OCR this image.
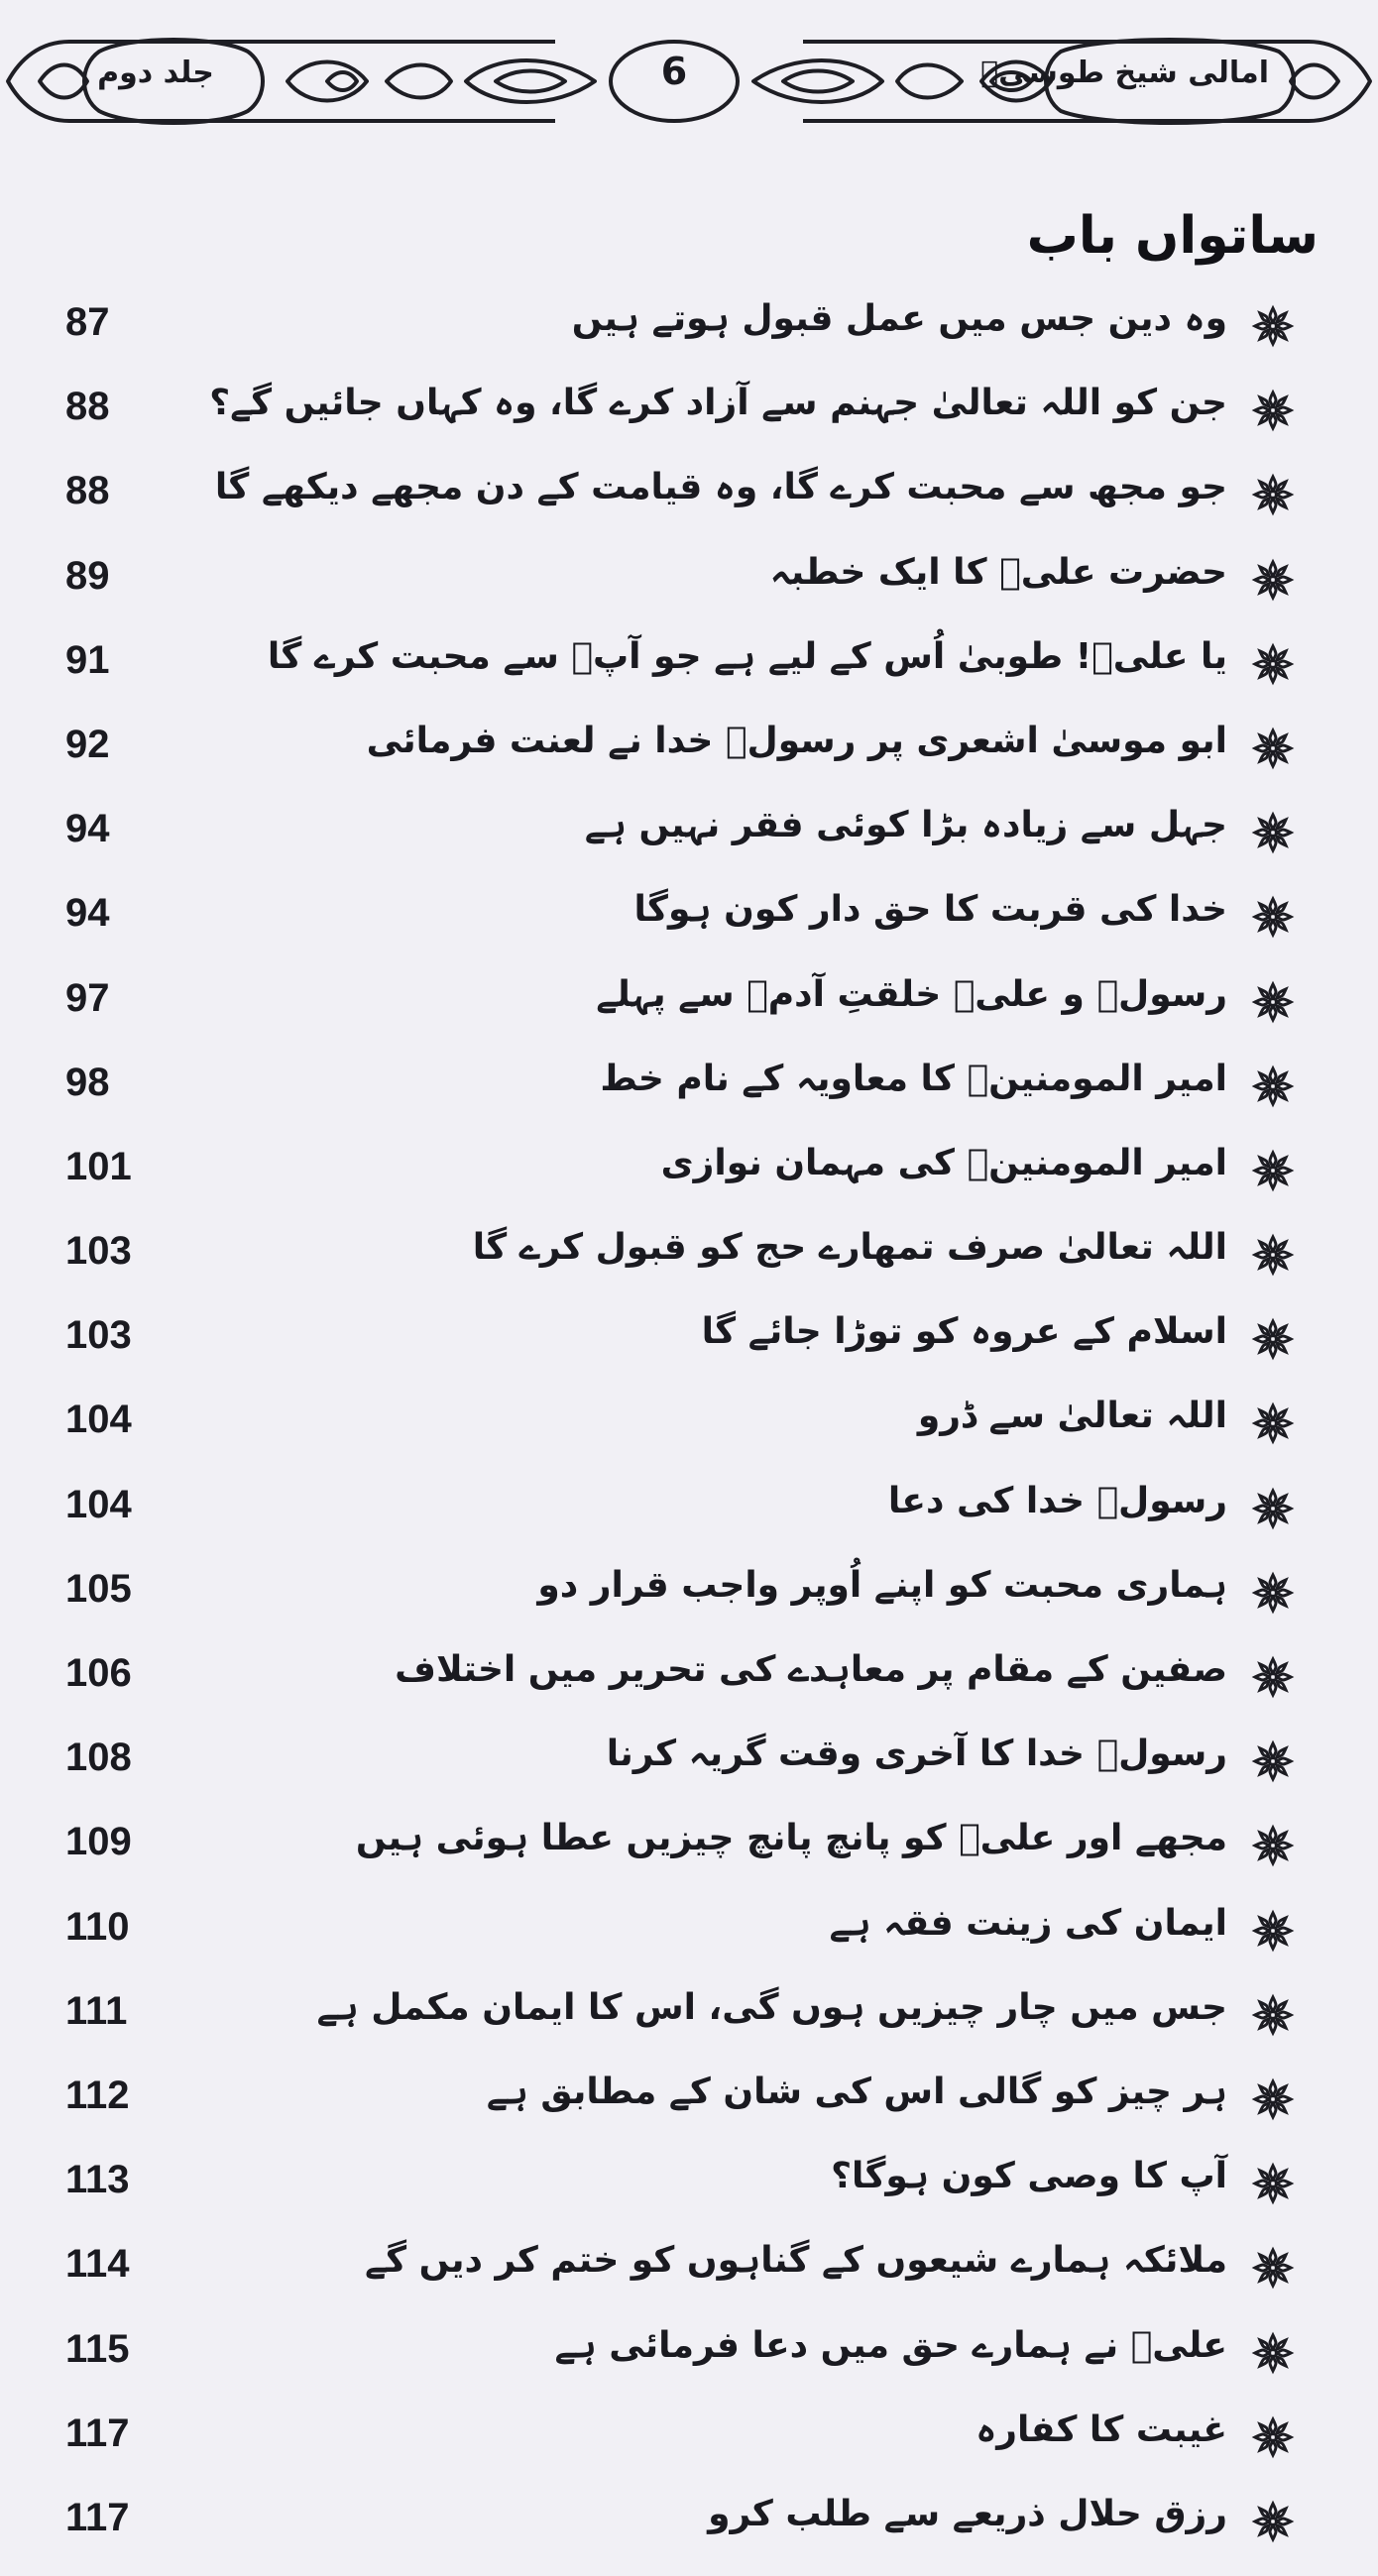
جلد دوم	6	امالی شیخ طوسیؒ
ساتواں باب
87	وہ دین جس میں عمل قبول ہوتے ہیں
88	جن کو اللہ تعالیٰ جہنم سے آزاد کرے گا، وہ کہاں جائیں گے؟
88	جو مجھ سے محبت کرے گا، وہ قیامت کے دن مجھے دیکھے گا
89	حضرت علیؑ کا ایک خطبہ
91	یا علیؑ! طوبیٰ اُس کے لیے ہے جو آپؑ سے محبت کرے گا
92	ابو موسیٰ اشعری پر رسولؐ خدا نے لعنت فرمائی
94	جہل سے زیادہ بڑا کوئی فقر نہیں ہے
94	خدا کی قربت کا حق دار کون ہوگا
97	رسولؐ و علیؑ خلقتِ آدمؑ سے پہلے
98	امیر المومنینؑ کا معاویہ کے نام خط
101	امیر المومنینؑ کی مہمان نوازی
103	اللہ تعالیٰ صرف تمھارے حج کو قبول کرے گا
103	اسلام کے عروہ کو توڑا جائے گا
104	اللہ تعالیٰ سے ڈرو
104	رسولؐ خدا کی دعا
105	ہماری محبت کو اپنے اُوپر واجب قرار دو
106	صفین کے مقام پر معاہدے کی تحریر میں اختلاف
108	رسولؐ خدا کا آخری وقت گریہ کرنا
109	مجھے اور علیؑ کو پانچ پانچ چیزیں عطا ہوئی ہیں
110	ایمان کی زینت فقہ ہے
111	جس میں چار چیزیں ہوں گی، اس کا ایمان مکمل ہے
112	ہر چیز کو گالی اس کی شان کے مطابق ہے
113	آپ کا وصی کون ہوگا؟
114	ملائکہ ہمارے شیعوں کے گناہوں کو ختم کر دیں گے
115	علیؑ نے ہمارے حق میں دعا فرمائی ہے
117	غیبت کا کفارہ
117	رزق حلال ذریعے سے طلب کرو
